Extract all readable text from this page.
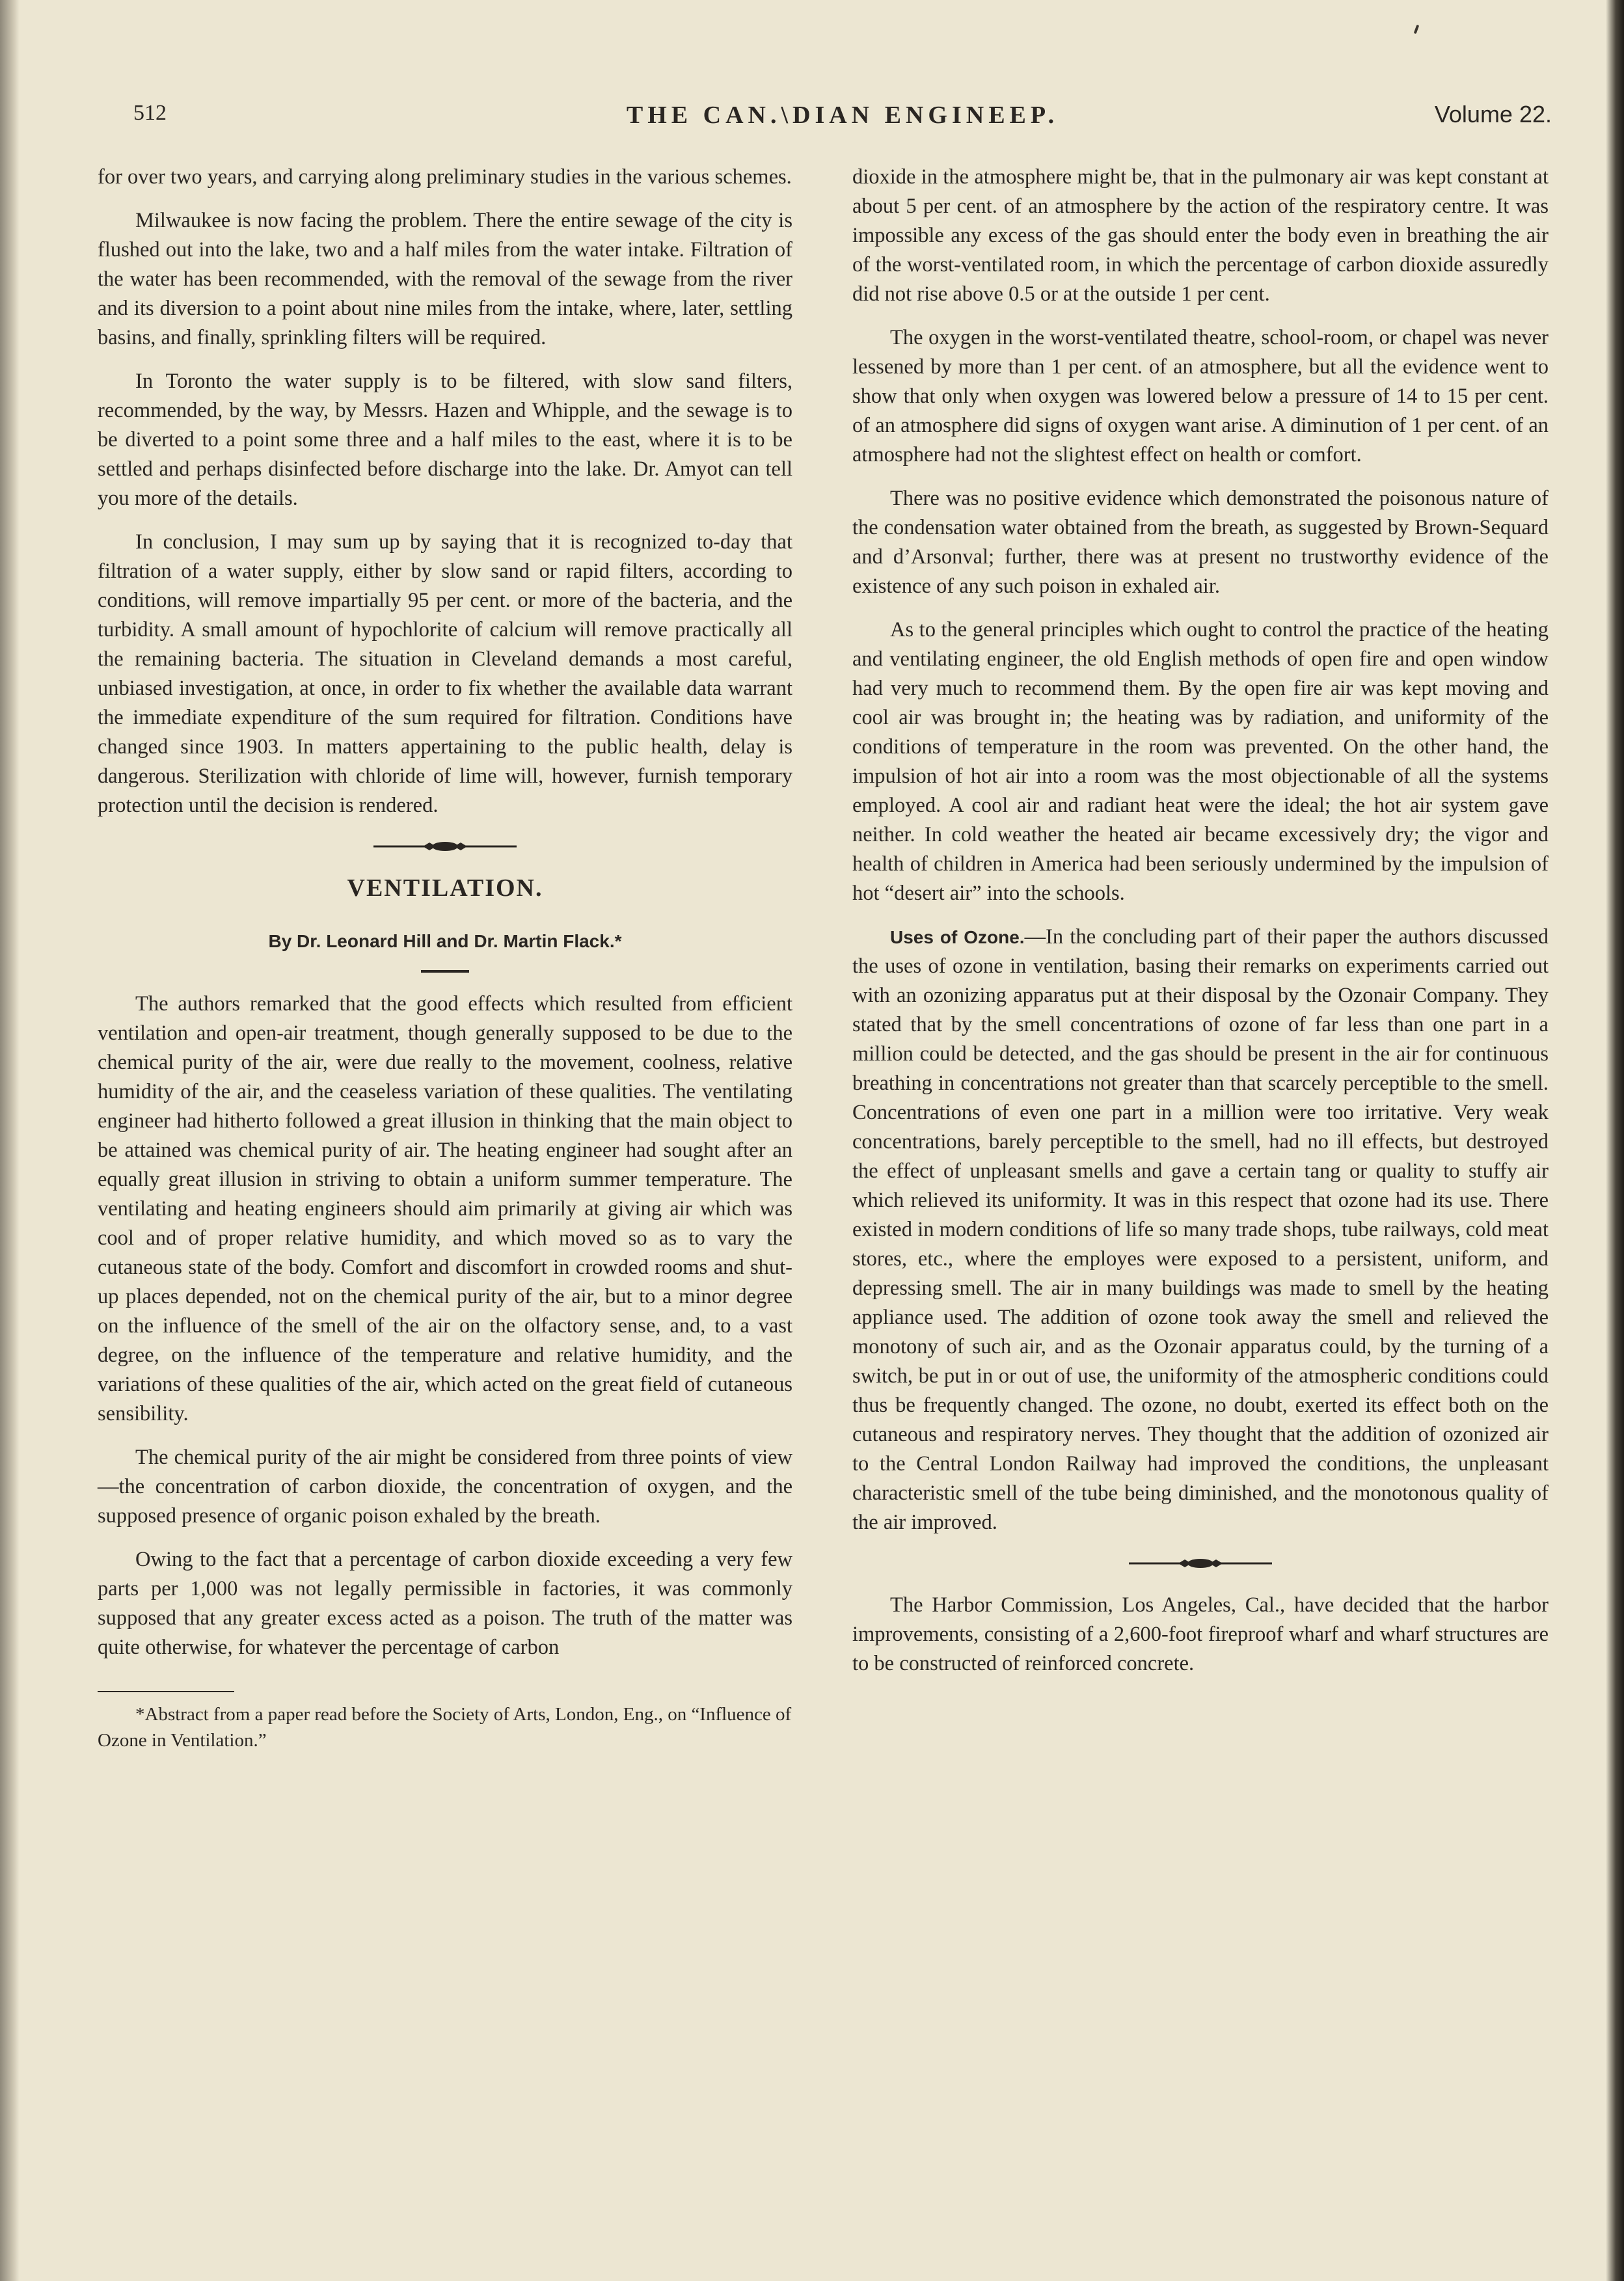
512	THE CAN.\DIAN ENGINEEP.	Volume 22.

for over two years, and carrying along preliminary studies in the various schemes.

Milwaukee is now facing the problem. There the entire sewage of the city is flushed out into the lake, two and a half miles from the water intake. Filtration of the water has been recommended, with the removal of the sewage from the river and its diversion to a point about nine miles from the intake, where, later, settling basins, and finally, sprinkling filters will be required.

In Toronto the water supply is to be filtered, with slow sand filters, recommended, by the way, by Messrs. Hazen and Whipple, and the sewage is to be diverted to a point some three and a half miles to the east, where it is to be settled and perhaps disinfected before discharge into the lake. Dr. Amyot can tell you more of the details.

In conclusion, I may sum up by saying that it is recognized to-day that filtration of a water supply, either by slow sand or rapid filters, according to conditions, will remove impartially 95 per cent. or more of the bacteria, and the turbidity. A small amount of hypochlorite of calcium will remove practically all the remaining bacteria. The situation in Cleveland demands a most careful, unbiased investigation, at once, in order to fix whether the available data warrant the immediate expenditure of the sum required for filtration. Conditions have changed since 1903. In matters appertaining to the public health, delay is dangerous. Sterilization with chloride of lime will, however, furnish temporary protection until the decision is rendered.

VENTILATION.
By Dr. Leonard Hill and Dr. Martin Flack.*

The authors remarked that the good effects which resulted from efficient ventilation and open-air treatment, though generally supposed to be due to the chemical purity of the air, were due really to the movement, coolness, relative humidity of the air, and the ceaseless variation of these qualities. The ventilating engineer had hitherto followed a great illusion in thinking that the main object to be attained was chemical purity of air. The heating engineer had sought after an equally great illusion in striving to obtain a uniform summer temperature. The ventilating and heating engineers should aim primarily at giving air which was cool and of proper relative humidity, and which moved so as to vary the cutaneous state of the body. Comfort and discomfort in crowded rooms and shut-up places depended, not on the chemical purity of the air, but to a minor degree on the influence of the smell of the air on the olfactory sense, and, to a vast degree, on the influence of the temperature and relative humidity, and the variations of these qualities of the air, which acted on the great field of cutaneous sensibility.

The chemical purity of the air might be considered from three points of view—the concentration of carbon dioxide, the concentration of oxygen, and the supposed presence of organic poison exhaled by the breath.

Owing to the fact that a percentage of carbon dioxide exceeding a very few parts per 1,000 was not legally permissible in factories, it was commonly supposed that any greater excess acted as a poison. The truth of the matter was quite otherwise, for whatever the percentage of carbon

*Abstract from a paper read before the Society of Arts, London, Eng., on “Influence of Ozone in Ventilation.”

dioxide in the atmosphere might be, that in the pulmonary air was kept constant at about 5 per cent. of an atmosphere by the action of the respiratory centre. It was impossible any excess of the gas should enter the body even in breathing the air of the worst-ventilated room, in which the percentage of carbon dioxide assuredly did not rise above 0.5 or at the outside 1 per cent.

The oxygen in the worst-ventilated theatre, school-room, or chapel was never lessened by more than 1 per cent. of an atmosphere, but all the evidence went to show that only when oxygen was lowered below a pressure of 14 to 15 per cent. of an atmosphere did signs of oxygen want arise. A diminution of 1 per cent. of an atmosphere had not the slightest effect on health or comfort.

There was no positive evidence which demonstrated the poisonous nature of the condensation water obtained from the breath, as suggested by Brown-Sequard and d’Arsonval; further, there was at present no trustworthy evidence of the existence of any such poison in exhaled air.

As to the general principles which ought to control the practice of the heating and ventilating engineer, the old English methods of open fire and open window had very much to recommend them. By the open fire air was kept moving and cool air was brought in; the heating was by radiation, and uniformity of the conditions of temperature in the room was prevented. On the other hand, the impulsion of hot air into a room was the most objectionable of all the systems employed. A cool air and radiant heat were the ideal; the hot air system gave neither. In cold weather the heated air became excessively dry; the vigor and health of children in America had been seriously undermined by the impulsion of hot “desert air” into the schools.

Uses of Ozone.—In the concluding part of their paper the authors discussed the uses of ozone in ventilation, basing their remarks on experiments carried out with an ozonizing apparatus put at their disposal by the Ozonair Company. They stated that by the smell concentrations of ozone of far less than one part in a million could be detected, and the gas should be present in the air for continuous breathing in concentrations not greater than that scarcely perceptible to the smell. Concentrations of even one part in a million were too irritative. Very weak concentrations, barely perceptible to the smell, had no ill effects, but destroyed the effect of unpleasant smells and gave a certain tang or quality to stuffy air which relieved its uniformity. It was in this respect that ozone had its use. There existed in modern conditions of life so many trade shops, tube railways, cold meat stores, etc., where the employes were exposed to a persistent, uniform, and depressing smell. The air in many buildings was made to smell by the heating appliance used. The addition of ozone took away the smell and relieved the monotony of such air, and as the Ozonair apparatus could, by the turning of a switch, be put in or out of use, the uniformity of the atmospheric conditions could thus be frequently changed. The ozone, no doubt, exerted its effect both on the cutaneous and respiratory nerves. They thought that the addition of ozonized air to the Central London Railway had improved the conditions, the unpleasant characteristic smell of the tube being diminished, and the monotonous quality of the air improved.

The Harbor Commission, Los Angeles, Cal., have decided that the harbor improvements, consisting of a 2,600-foot fireproof wharf and wharf structures are to be constructed of reinforced concrete.
